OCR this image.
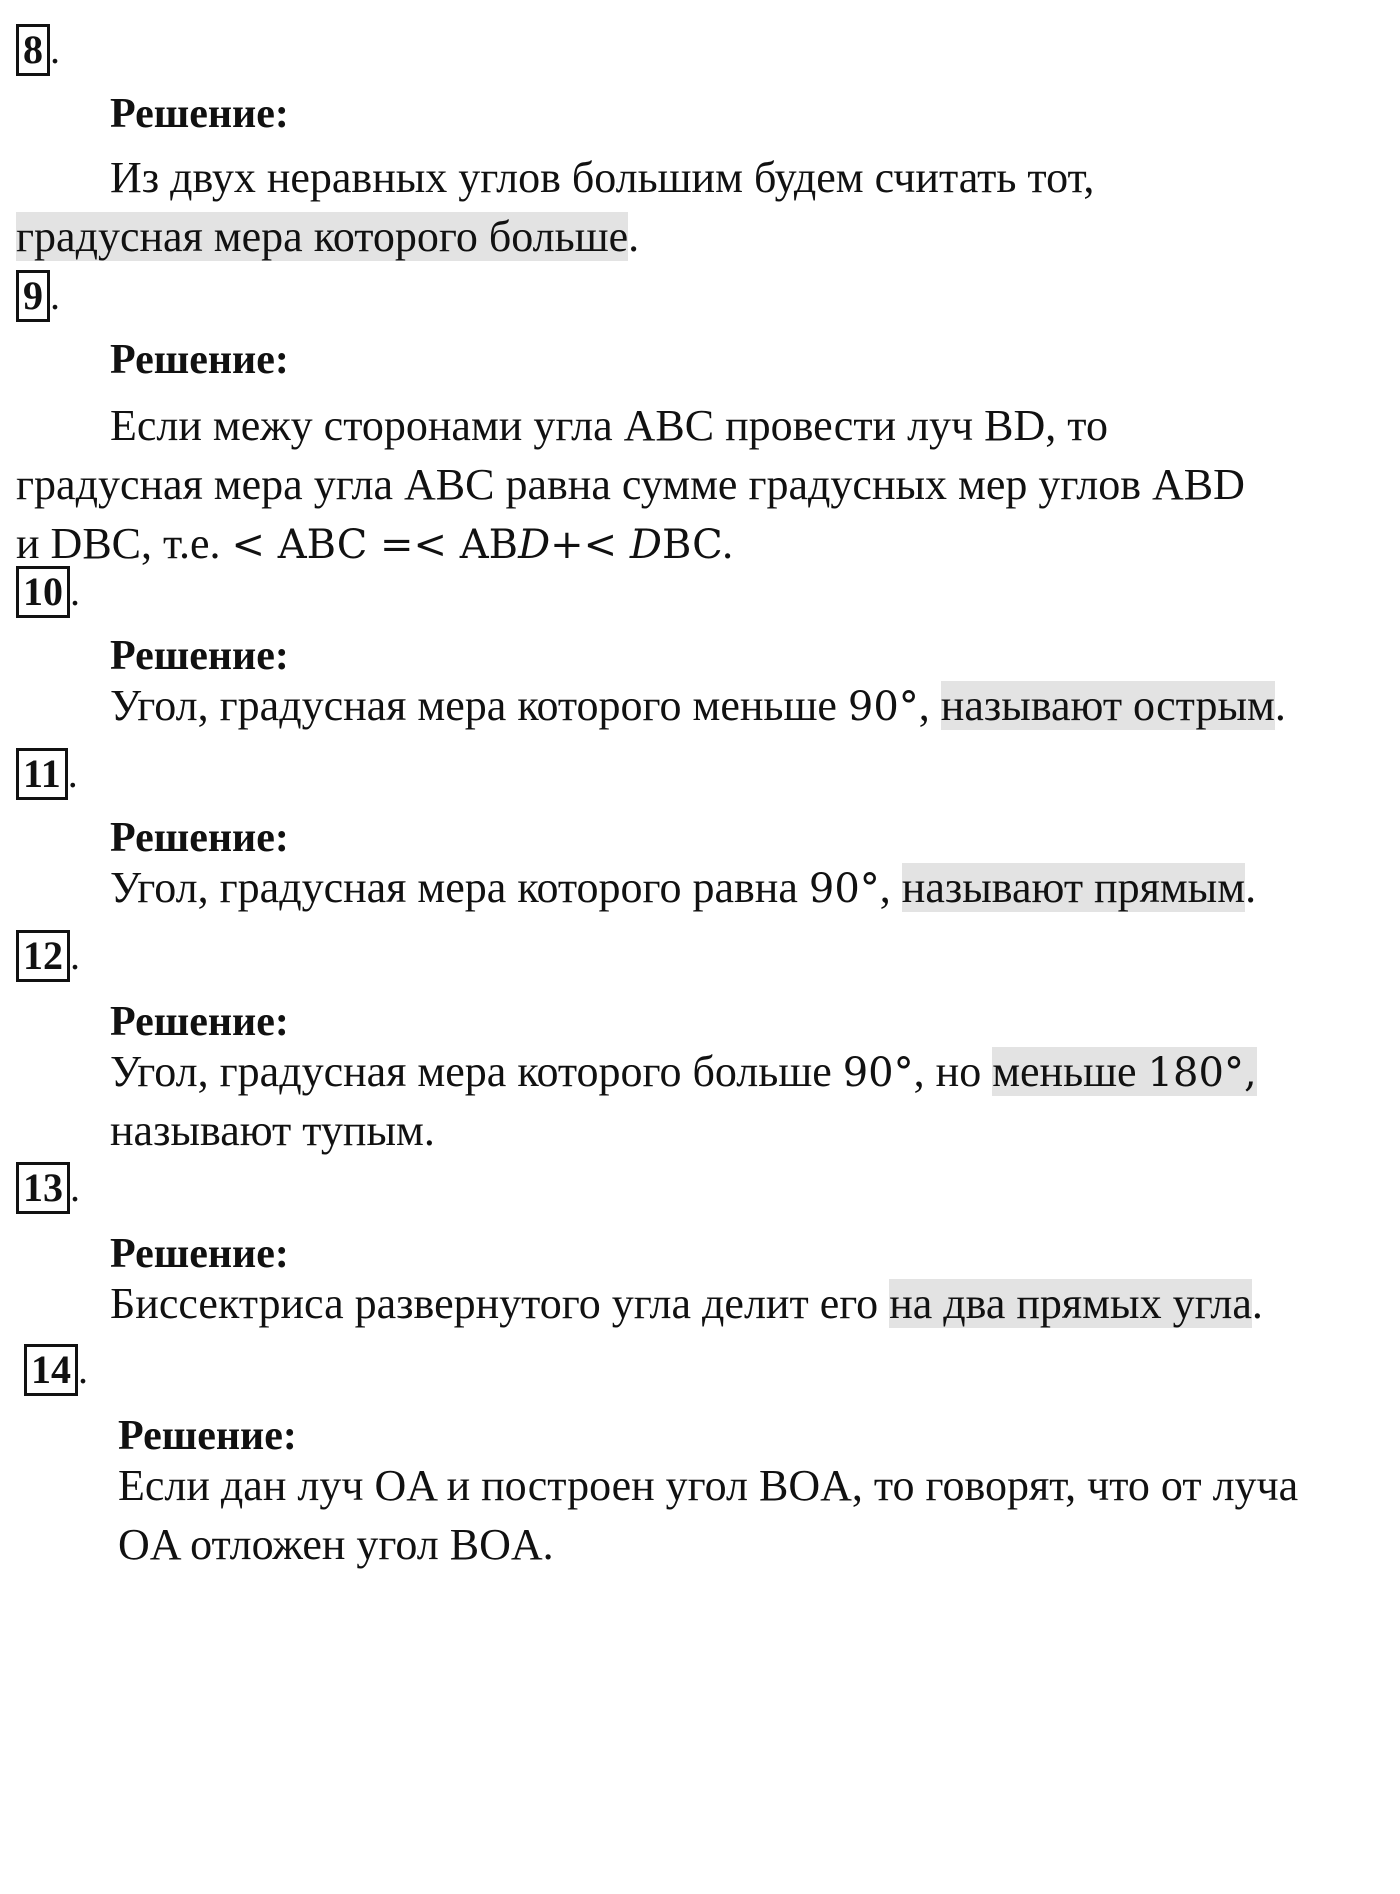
8 .
Решение:
Из двух неравных углов большим будем считать тот,
градусная мера которого больше.
9 .
Решение:
Если межу сторонами угла ABC провести луч BD, то
градусная мера угла ABC равна сумме градусных мер углов ABD
и DBC, т.е. < ABC =< ABD+< DBC.
10 .
Решение:
Угол, градусная мера которого меньше 90°, называют острым.
11 .
Решение:
Угол, градусная мера которого равна 90°, называют прямым.
12 .
Решение:
Угол, градусная мера которого больше 90°, но меньше 180°,
называют тупым.
13 .
Решение:
Биссектриса развернутого угла делит его на два прямых угла.
14 .
Решение:
Если дан луч OA и построен угол BOA, то говорят, что от луча
OA отложен угол BOA.
